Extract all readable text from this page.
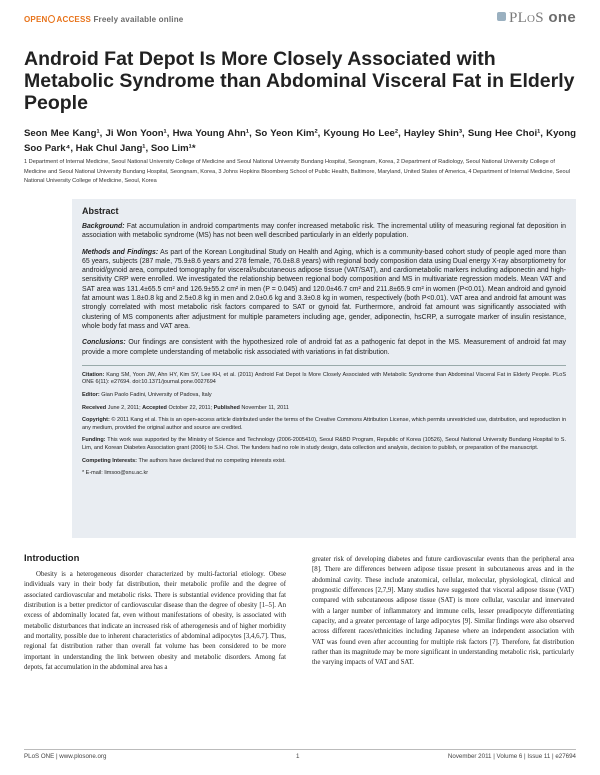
OPEN ACCESS Freely available online	PLoS one
Android Fat Depot Is More Closely Associated with Metabolic Syndrome than Abdominal Visceral Fat in Elderly People

Seon Mee Kang¹, Ji Won Yoon¹, Hwa Young Ahn¹, So Yeon Kim², Kyoung Ho Lee², Hayley Shin³, Sung Hee Choi¹, Kyong Soo Park⁴, Hak Chul Jang¹, Soo Lim¹*

1 Department of Internal Medicine, Seoul National University College of Medicine and Seoul National University Bundang Hospital, Seongnam, Korea, 2 Department of Radiology, Seoul National University College of Medicine and Seoul National University Bundang Hospital, Seongnam, Korea, 3 Johns Hopkins Bloomberg School of Public Health, Baltimore, Maryland, United States of America, 4 Department of Internal Medicine, Seoul National University College of Medicine, Seoul, Korea

Abstract

Background: Fat accumulation in android compartments may confer increased metabolic risk. The incremental utility of measuring regional fat deposition in association with metabolic syndrome (MS) has not been well described particularly in an elderly population.

Methods and Findings: As part of the Korean Longitudinal Study on Health and Aging, which is a community-based cohort study of people aged more than 65 years, subjects (287 male, 75.9±8.6 years and 278 female, 76.0±8.8 years) with regional body composition data using Dual energy X-ray absorptiometry for android/gynoid area, computed tomography for visceral/subcutaneous adipose tissue (VAT/SAT), and cardiometabolic markers including adiponectin and high-sensitivity CRP were enrolled. We investigated the relationship between regional body composition and MS in multivariate regression models. Mean VAT and SAT area was 131.4±65.5 cm² and 126.9±55.2 cm² in men (P = 0.045) and 120.0±46.7 cm² and 211.8±65.9 cm² in women (P<0.01). Mean android and gynoid fat amount was 1.8±0.8 kg and 2.5±0.8 kg in men and 2.0±0.6 kg and 3.3±0.8 kg in women, respectively (both P<0.01). VAT area and android fat amount was strongly correlated with most metabolic risk factors compared to SAT or gynoid fat. Furthermore, android fat amount was significantly associated with clustering of MS components after adjustment for multiple parameters including age, gender, adiponectin, hsCRP, a surrogate marker of insulin resistance, whole body fat mass and VAT area.

Conclusions: Our findings are consistent with the hypothesized role of android fat as a pathogenic fat depot in the MS. Measurement of android fat may provide a more complete understanding of metabolic risk associated with variations in fat distribution.

Citation: Kang SM, Yoon JW, Ahn HY, Kim SY, Lee KH, et al. (2011) Android Fat Depot Is More Closely Associated with Metabolic Syndrome than Abdominal Visceral Fat in Elderly People. PLoS ONE 6(11): e27694. doi:10.1371/journal.pone.0027694

Editor: Gian Paolo Fadini, University of Padova, Italy

Received June 2, 2011; Accepted October 22, 2011; Published November 11, 2011

Copyright: © 2011 Kang et al. This is an open-access article distributed under the terms of the Creative Commons Attribution License, which permits unrestricted use, distribution, and reproduction in any medium, provided the original author and source are credited.

Funding: This work was supported by the Ministry of Science and Technology (2006-2005410), Seoul R&BD Program, Republic of Korea (10526), Seoul National University Bundang Hospital to S. Lim, and Korean Diabetes Association grant (2006) to S.H. Choi. The funders had no role in study design, data collection and analysis, decision to publish, or preparation of the manuscript.

Competing Interests: The authors have declared that no competing interests exist.

* E-mail: limsoo@snu.ac.kr

Introduction

Obesity is a heterogeneous disorder characterized by multi-factorial etiology. Obese individuals vary in their body fat distribution, their metabolic profile and the degree of associated cardiovascular and metabolic risks. There is substantial evidence providing that fat distribution is a better predictor of cardiovascular disease than the degree of obesity [1–5]. An excess of abdominally located fat, even without manifestations of obesity, is associated with metabolic disturbances that indicate an increased risk of atherogenesis and of higher morbidity and mortality, possible due to inherent characteristics of abdominal adipocytes [3,4,6,7]. Thus, regional fat distribution rather than overall fat volume has been considered to be more important in understanding the link between obesity and metabolic disorders. Among fat depots, fat accumulation in the abdominal area has a

greater risk of developing diabetes and future cardiovascular events than the peripheral area [8]. There are differences between adipose tissue present in subcutaneous areas and in the abdominal cavity. These include anatomical, cellular, molecular, physiological, clinical and prognostic differences [2,7,9]. Many studies have suggested that visceral adipose tissue (VAT) compared with subcutaneous adipose tissue (SAT) is more cellular, vascular and innervated with a larger number of inflammatory and immune cells, lesser preadipocyte differentiating capacity, and a greater percentage of large adipocytes [9]. Similar findings were also observed across different races/ethnicities including Japanese where an independent association with VAT was found even after accounting for multiple risk factors [7]. Therefore, fat distribution rather than its magnitude may be more significant in understanding metabolic risk, particularly the varying impacts of VAT and SAT.

PLoS ONE | www.plosone.org	1	November 2011 | Volume 6 | Issue 11 | e27694
